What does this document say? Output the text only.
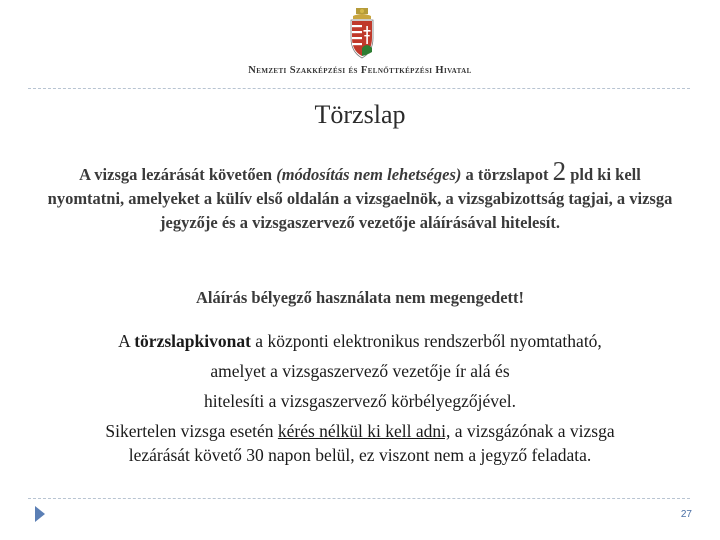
Nemzeti Szakképzési és Felnőttképzési Hivatal
Törzslap
A vizsga lezárását követően (módosítás nem lehetséges) a törzslapot 2 pld ki kell nyomtatni, amelyeket a külív első oldalán a vizsgaelnök, a vizsgabizottság tagjai, a vizsga jegyzője és a vizsgaszervező vezetője aláírásával hitelesít.
Aláírás bélyegző használata nem megengedett!
A törzslapkivonat a központi elektronikus rendszerből nyomtatható,
amelyet a vizsgaszervező vezetője ír alá és
hitelesíti a vizsgaszervező körbélyegzőjével.
Sikertelen vizsga esetén kérés nélkül ki kell adni, a vizsgázónak a vizsga
lezárását követő 30 napon belül, ez viszont nem a jegyző feladata.
27
